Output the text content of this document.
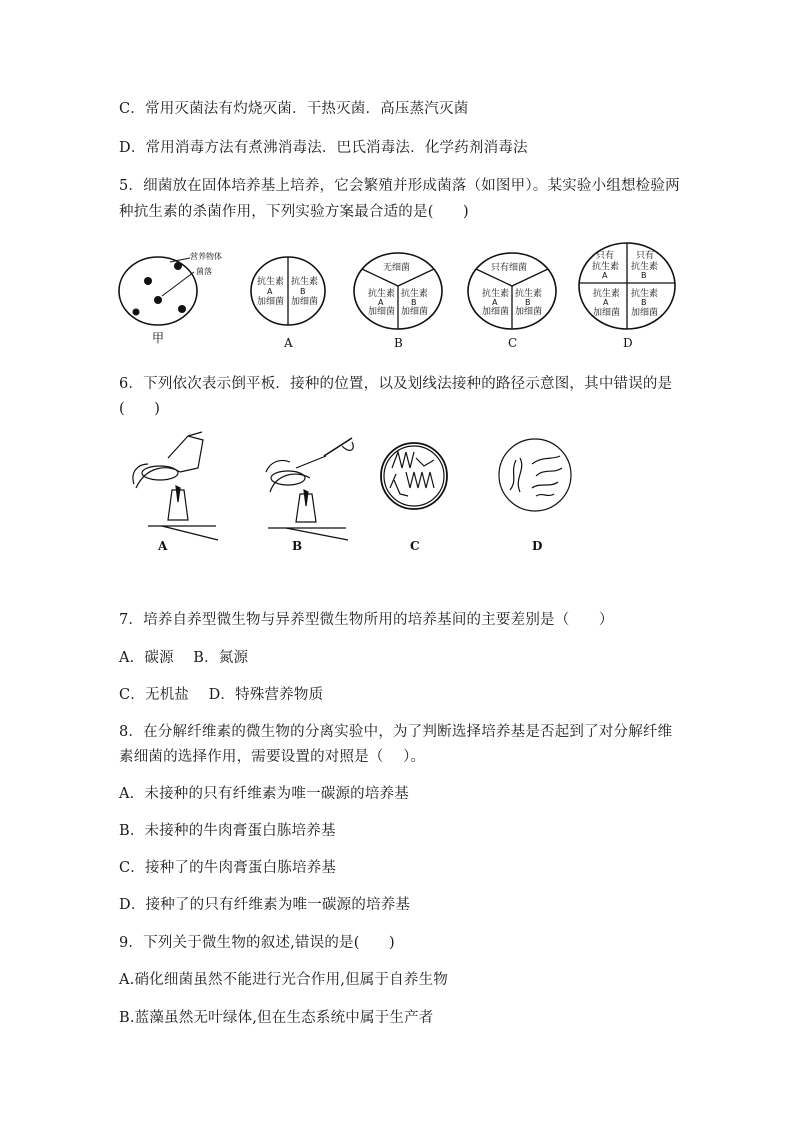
C．常用灭菌法有灼烧灭菌．干热灭菌．高压蒸汽灭菌
D．常用消毒方法有煮沸消毒法．巴氏消毒法．化学药剂消毒法
5．细菌放在固体培养基上培养，它会繁殖并形成菌落（如图甲）。某实验小组想检验两
种抗生素的杀菌作用，下列实验方案最合适的是(　　)
营养物体
菌落
甲
抗生素
A
加细菌
抗生素
B
加细菌
A
无细菌
抗生素
A
加细菌
抗生素
B
加细菌
B
只有细菌
抗生素
A
加细菌
抗生素
B
加细菌
C
只有
抗生素
A
只有
抗生素
B
抗生素
A
加细菌
抗生素
B
加细菌
D
6．下列依次表示倒平板．接种的位置，以及划线法接种的路径示意图，其中错误的是
(　　)
A	B	C	D
7．培养自养型微生物与异养型微生物所用的培养基间的主要差别是（　　）
A．碳源　 B．氮源
C．无机盐　 D．特殊营养物质
8．在分解纤维素的微生物的分离实验中，为了判断选择培养基是否起到了对分解纤维
素细菌的选择作用，需要设置的对照是（　 ）。
A．未接种的只有纤维素为唯一碳源的培养基
B．未接种的牛肉膏蛋白胨培养基
C．接种了的牛肉膏蛋白胨培养基
D．接种了的只有纤维素为唯一碳源的培养基
9．下列关于微生物的叙述,错误的是(　　)
A.硝化细菌虽然不能进行光合作用,但属于自养生物
B.蓝藻虽然无叶绿体,但在生态系统中属于生产者
